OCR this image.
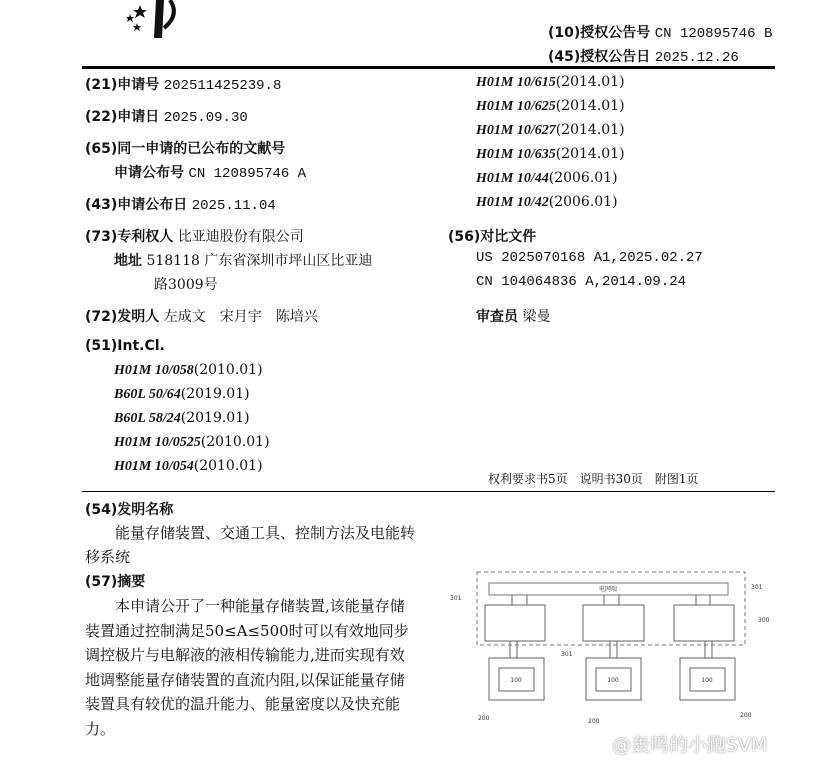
(10)授权公告号 CN 120895746 B
(45)授权公告日 2025.12.26
(21)申请号 202511425239.8
(22)申请日 2025.09.30
(65)同一申请的已公布的文献号
申请公布号 CN 120895746 A
(43)申请公布日 2025.11.04
(73)专利权人 比亚迪股份有限公司
地址 518118 广东省深圳市坪山区比亚迪
路3009号
(72)发明人 左成文　 宋月宇　 陈培兴
(51)Int.Cl.
H01M 10/058(2010.01)
B60L 50/64(2019.01)
B60L 58/24(2019.01)
H01M 10/0525(2010.01)
H01M 10/054(2010.01)
H01M 10/615(2014.01)
H01M 10/625(2014.01)
H01M 10/627(2014.01)
H01M 10/635(2014.01)
H01M 10/44(2006.01)
H01M 10/42(2006.01)
(56)对比文件
US 2025070168 A1,2025.02.27
CN 104064836 A,2014.09.24
审查员 梁曼
权利要求书5页　说明书30页　附图1页
(54)发明名称
能量存储装置、交通工具、控制方法及电能转移系统
(57)摘要
本申请公开了一种能量存储装置,该能量存储装置通过控制满足50≤A≤500时可以有效地同步调控极片与电解液的液相传输能力,进而实现有效地调整能量存储装置的直流内阻,以保证能量存储装置具有较优的温升能力、能量密度以及快充能力。
电网端
100	100	100
301
301
301
300
200	200
200
@轰鸣的小跑SVM
